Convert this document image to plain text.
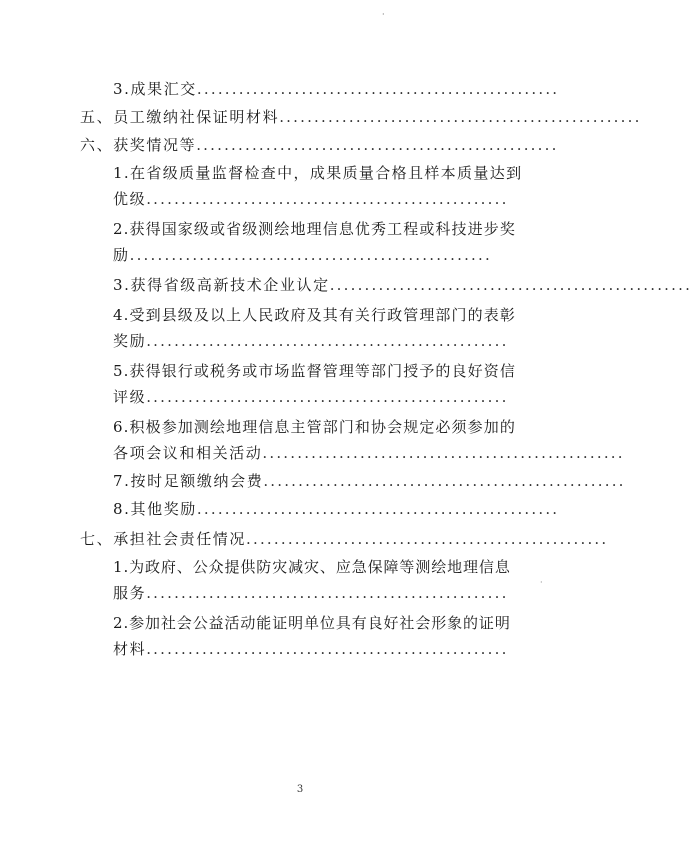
·
·
3.成果汇交 ....................................................
五、员工缴纳社保证明材料 ....................................................
六、获奖情况等 ....................................................
1.在省级质量监督检查中，成果质量合格且样本质量达到
优级 ....................................................
2.获得国家级或省级测绘地理信息优秀工程或科技进步奖
励 ....................................................
3.获得省级高新技术企业认定 ....................................................
4.受到县级及以上人民政府及其有关行政管理部门的表彰
奖励 ....................................................
5.获得银行或税务或市场监督管理等部门授予的良好资信
评级 ....................................................
6.积极参加测绘地理信息主管部门和协会规定必须参加的
各项会议和相关活动 ....................................................
7.按时足额缴纳会费 ....................................................
8.其他奖励 ....................................................
七、承担社会责任情况 ....................................................
1.为政府、公众提供防灾减灾、应急保障等测绘地理信息
服务 ....................................................
2.参加社会公益活动能证明单位具有良好社会形象的证明
材料 ....................................................
3
